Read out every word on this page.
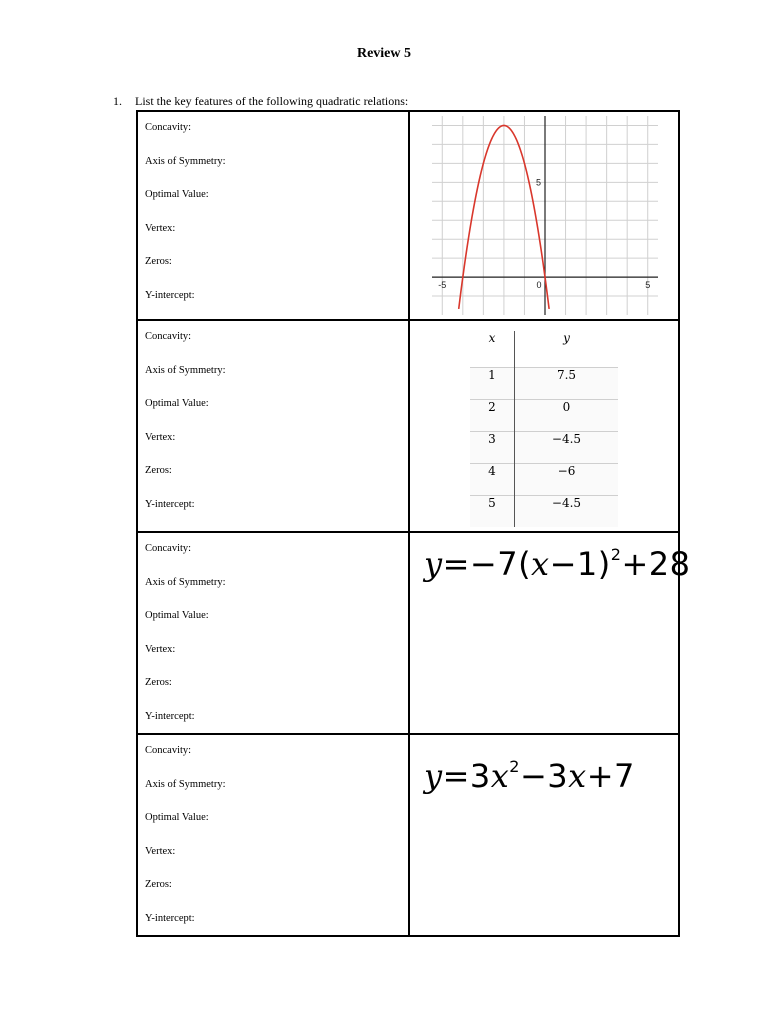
Review 5
1. List the key features of the following quadratic relations:
Concavity:
Axis of Symmetry:
Optimal Value:
Vertex:
Zeros:
Y-intercept:

-5	0	5
5

Concavity:
Axis of Symmetry:
Optimal Value:
Vertex:
Zeros:
Y-intercept:

x	y
1	7.5
2	0
3	−4.5
4	−6
5	−4.5

Concavity:
Axis of Symmetry:
Optimal Value:
Vertex:
Zeros:
Y-intercept:

$y=-7(x-1)^2+28$

Concavity:
Axis of Symmetry:
Optimal Value:
Vertex:
Zeros:
Y-intercept:

$y=3x^2-3x+7$
